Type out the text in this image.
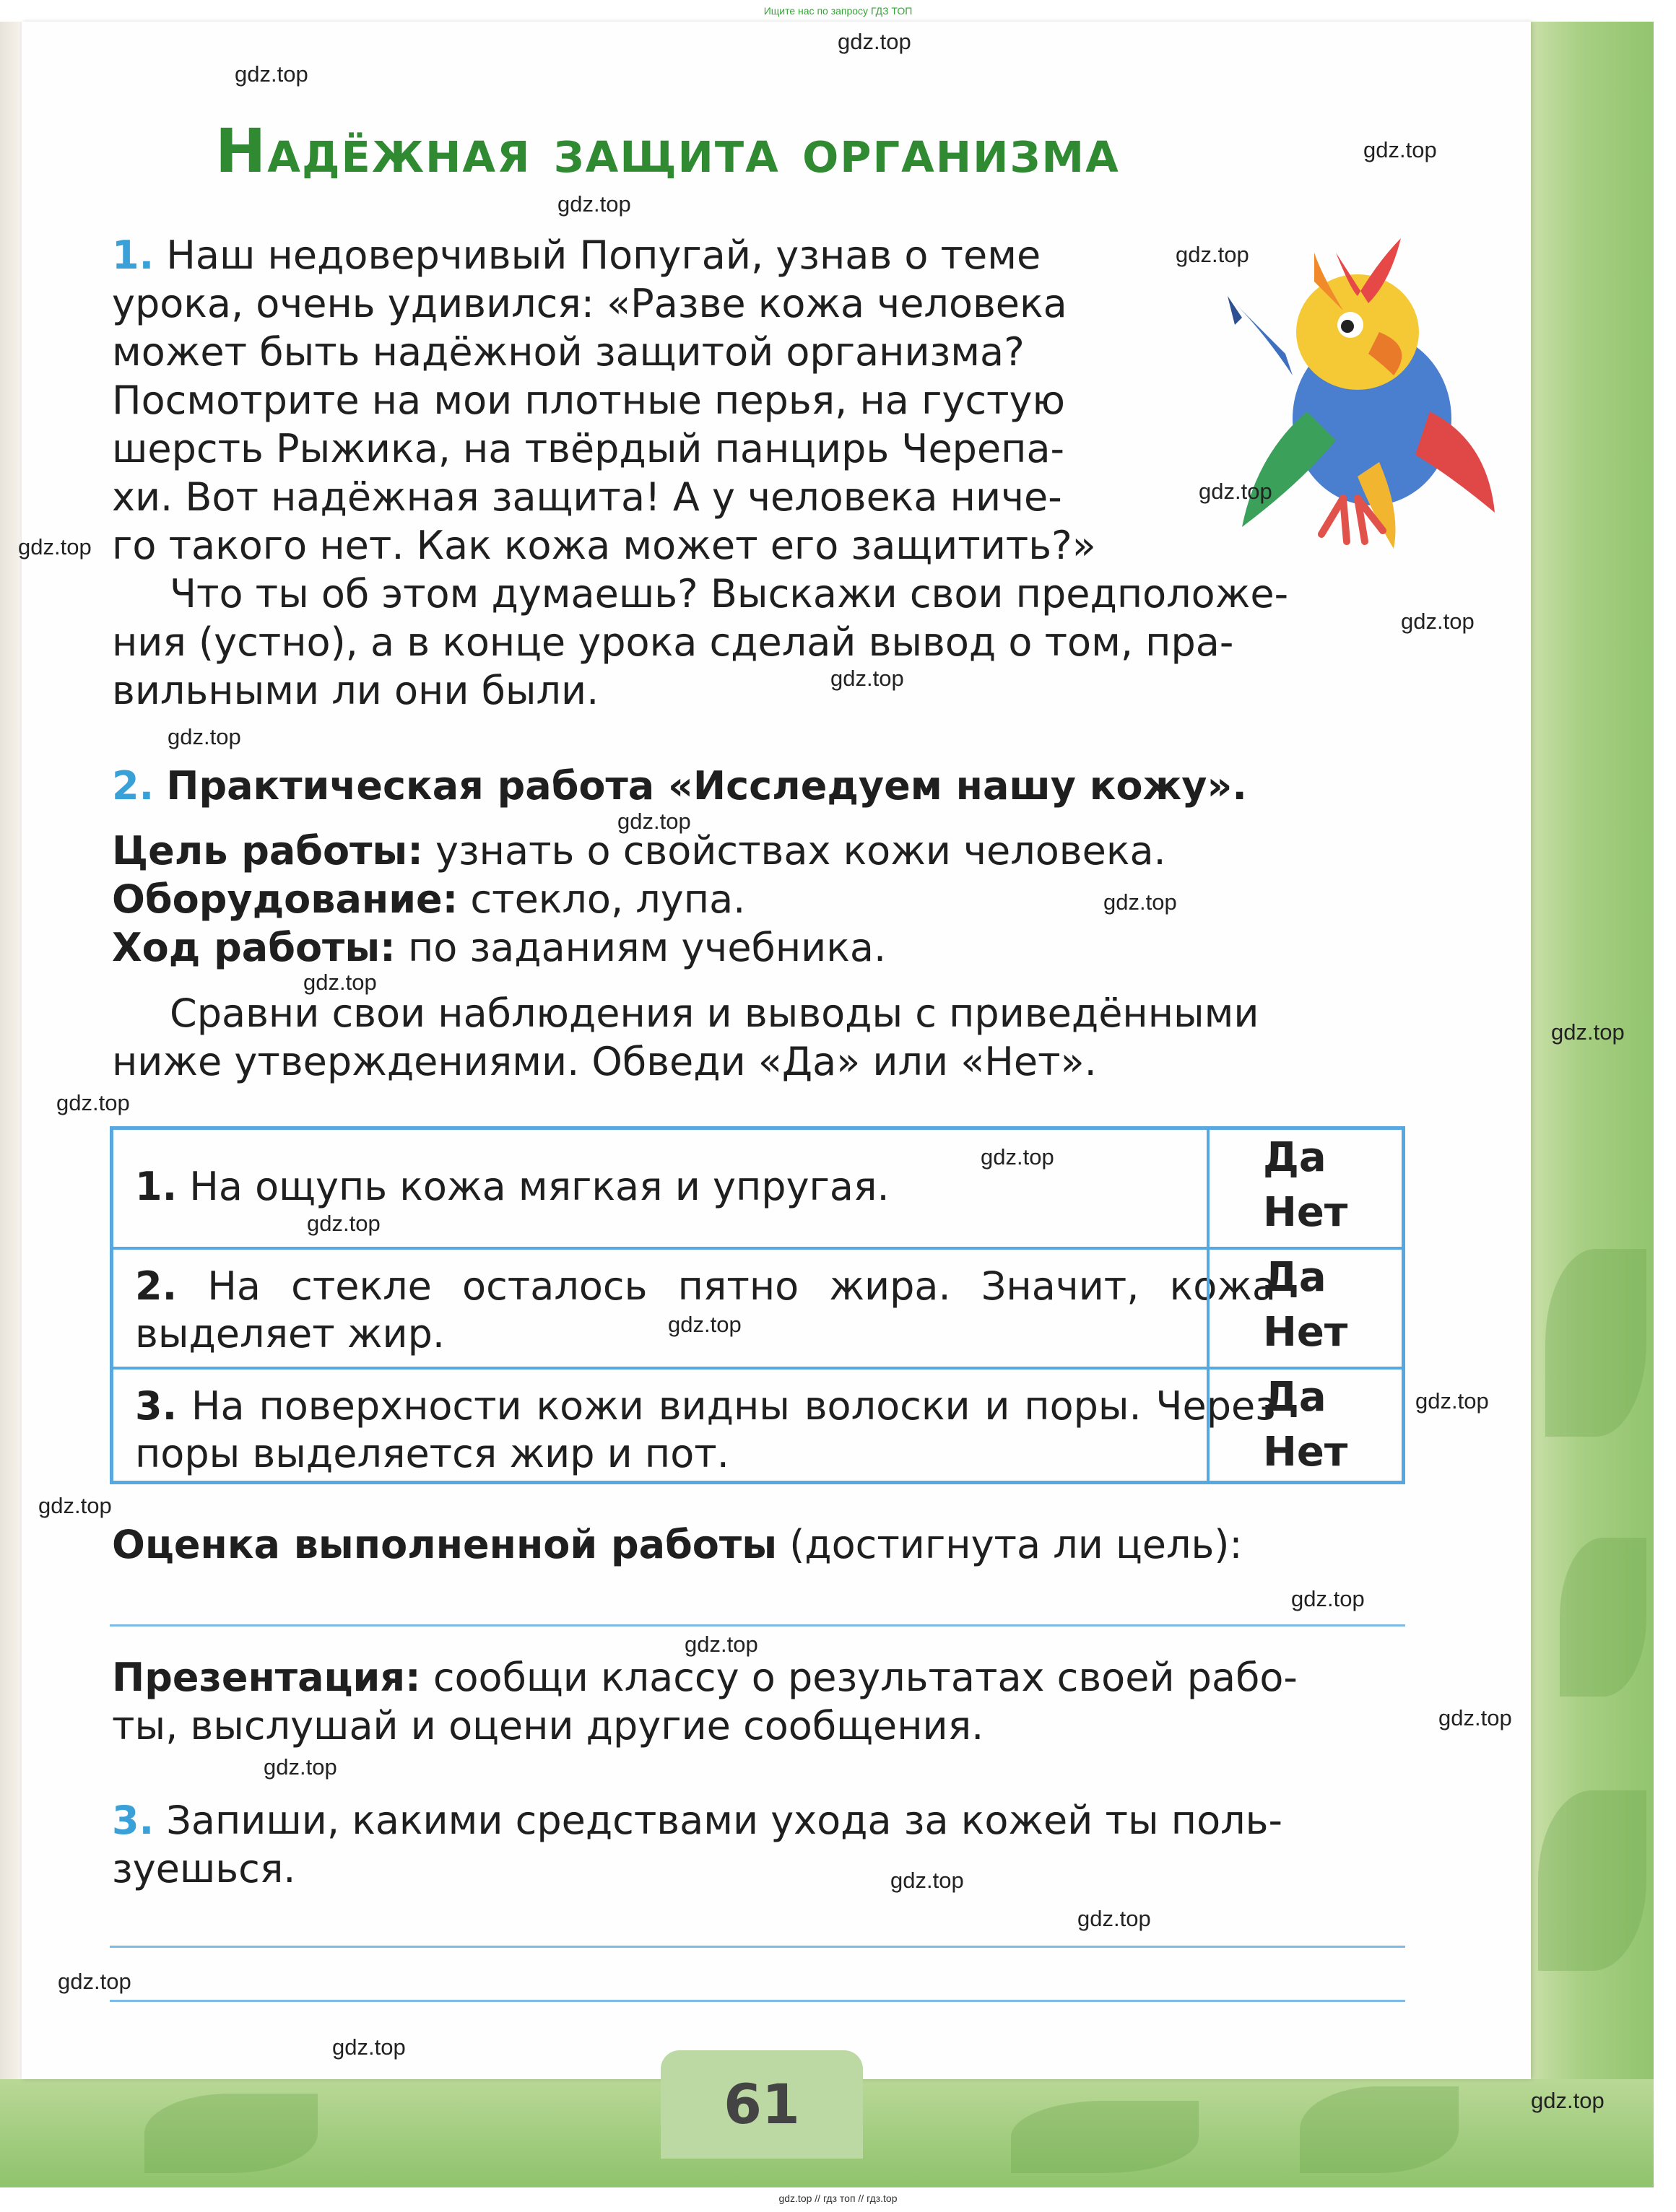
Ищите нас по запросу ГДЗ ТОП
Надёжная защита организма
1. Наш недоверчивый Попугай, узнав о теме
урока, очень удивился: «Разве кожа человека
может быть надёжной защитой организма?
Посмотрите на мои плотные перья, на густую
шерсть Рыжика, на твёрдый панцирь Черепа-
хи. Вот надёжная защита! А у человека ниче-
го такого нет. Как кожа может его защитить?»
Что ты об этом думаешь? Выскажи свои предположе-
ния (устно), а в конце урока сделай вывод о том, пра-
вильными ли они были.
2. Практическая работа «Исследуем нашу кожу».
Цель работы: узнать о свойствах кожи человека.
Оборудование: стекло, лупа.
Ход работы: по заданиям учебника.
Сравни свои наблюдения и выводы с приведёнными
ниже утверждениями. Обведи «Да» или «Нет».
1. На ощупь кожа мягкая и упругая.
Да
Нет
2. На стекле осталось пятно жира. Значит, кожа выделяет жир.
Да
Нет
3. На поверхности кожи видны волоски и поры. Через поры выделяется жир и пот.
Да
Нет
Оценка выполненной работы (достигнута ли цель):
Презентация: сообщи классу о результатах своей рабо-
ты, выслушай и оцени другие сообщения.
3. Запиши, какими средствами ухода за кожей ты поль-
зуешься.
61
gdz.top
gdz.top
gdz.top
gdz.top
gdz.top
gdz.top
gdz.top
gdz.top
gdz.top
gdz.top
gdz.top
gdz.top
gdz.top
gdz.top
gdz.top
gdz.top
gdz.top
gdz.top
gdz.top
gdz.top
gdz.top
gdz.top
gdz.top
gdz.top
gdz.top
gdz.top
gdz.top
gdz.top
gdz.top
gdz.top // гдз топ // гдз.top
